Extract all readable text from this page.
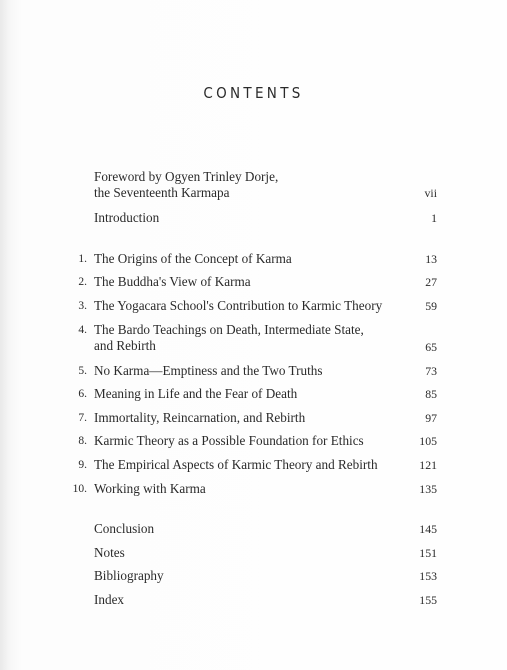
CONTENTS
Foreword by Ogyen Trinley Dorje,
the Seventeenth Karmapa	vii
Introduction	1
1. The Origins of the Concept of Karma	13
2. The Buddha's View of Karma	27
3. The Yogacara School's Contribution to Karmic Theory	59
4. The Bardo Teachings on Death, Intermediate State,
and Rebirth	65
5. No Karma—Emptiness and the Two Truths	73
6. Meaning in Life and the Fear of Death	85
7. Immortality, Reincarnation, and Rebirth	97
8. Karmic Theory as a Possible Foundation for Ethics	105
9. The Empirical Aspects of Karmic Theory and Rebirth	121
10. Working with Karma	135
Conclusion	145
Notes	151
Bibliography	153
Index	155
